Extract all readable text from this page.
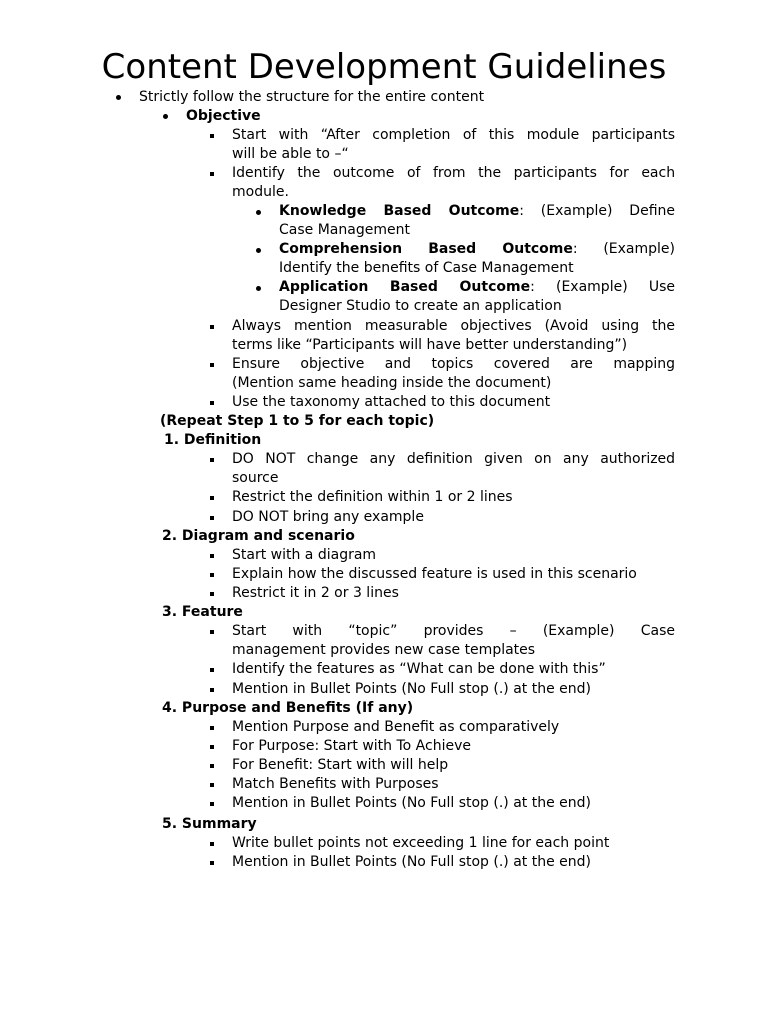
Content Development Guidelines
Strictly follow the structure for the entire content
Objective
Start with “After completion of this module participants
will be able to –“
Identify the outcome of from the participants for each
module.
Knowledge Based Outcome: (Example) Define
Case Management
Comprehension Based Outcome: (Example)
Identify the benefits of Case Management
Application Based Outcome: (Example) Use
Designer Studio to create an application
Always mention measurable objectives (Avoid using the
terms like “Participants will have better understanding”)
Ensure objective and topics covered are mapping
(Mention same heading inside the document)
Use the taxonomy attached to this document
(Repeat Step 1 to 5 for each topic)
1. Definition
DO NOT change any definition given on any authorized
source
Restrict the definition within 1 or 2 lines
DO NOT bring any example
2. Diagram and scenario
Start with a diagram
Explain how the discussed feature is used in this scenario
Restrict it in 2 or 3 lines
3. Feature
Start with “topic” provides – (Example) Case
management provides new case templates
Identify the features as “What can be done with this”
Mention in Bullet Points (No Full stop (.) at the end)
4. Purpose and Benefits (If any)
Mention Purpose and Benefit as comparatively
For Purpose: Start with To Achieve
For Benefit: Start with will help
Match Benefits with Purposes
Mention in Bullet Points (No Full stop (.) at the end)
5. Summary
Write bullet points not exceeding 1 line for each point
Mention in Bullet Points (No Full stop (.) at the end)
